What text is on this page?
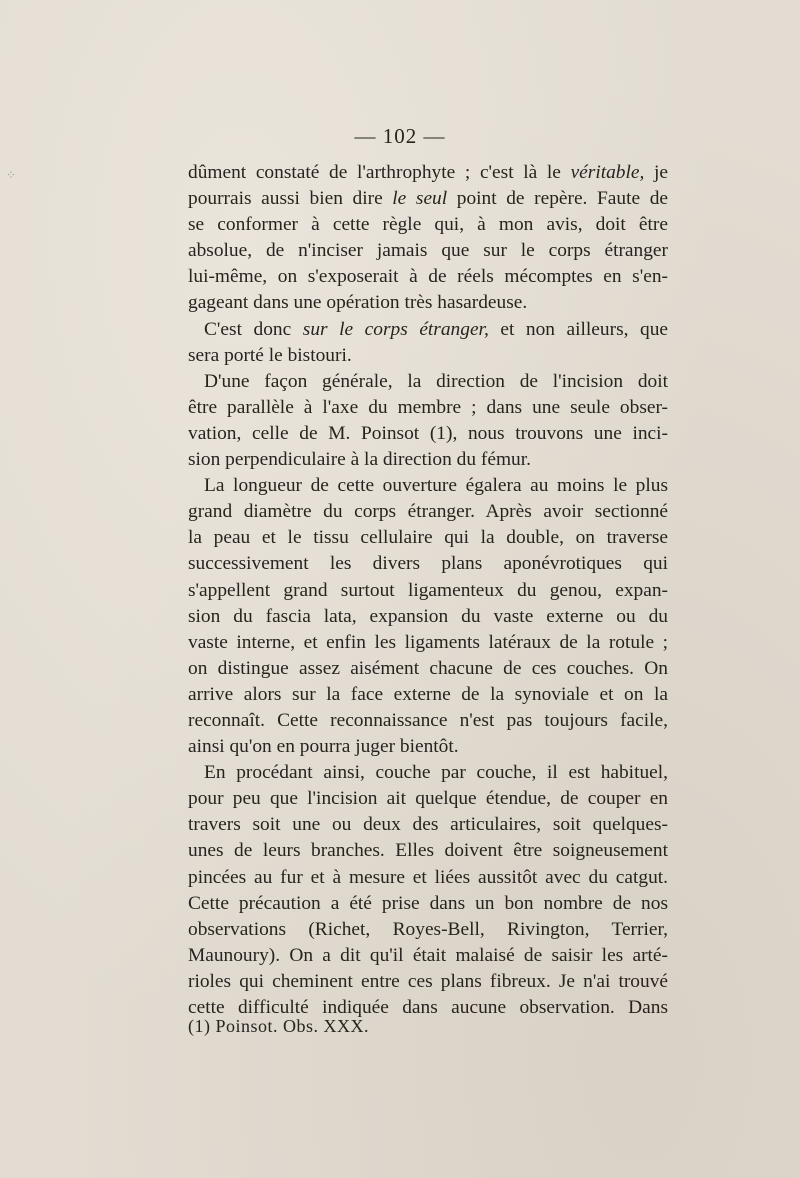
⁘
— 102 —
dûment constaté de l'arthrophyte ; c'est là le véritable, je
pourrais aussi bien dire le seul point de repère. Faute de
se conformer à cette règle qui, à mon avis, doit être
absolue, de n'inciser jamais que sur le corps étranger
lui-même, on s'exposerait à de réels mécomptes en s'en-
gageant dans une opération très hasardeuse.
C'est donc sur le corps étranger, et non ailleurs, que
sera porté le bistouri.
D'une façon générale, la direction de l'incision doit
être parallèle à l'axe du membre ; dans une seule obser-
vation, celle de M. Poinsot (1), nous trouvons une inci-
sion perpendiculaire à la direction du fémur.
La longueur de cette ouverture égalera au moins le plus
grand diamètre du corps étranger. Après avoir sectionné
la peau et le tissu cellulaire qui la double, on traverse
successivement les divers plans aponévrotiques qui
s'appellent grand surtout ligamenteux du genou, expan-
sion du fascia lata, expansion du vaste externe ou du
vaste interne, et enfin les ligaments latéraux de la rotule ;
on distingue assez aisément chacune de ces couches. On
arrive alors sur la face externe de la synoviale et on la
reconnaît. Cette reconnaissance n'est pas toujours facile,
ainsi qu'on en pourra juger bientôt.
En procédant ainsi, couche par couche, il est habituel,
pour peu que l'incision ait quelque étendue, de couper en
travers soit une ou deux des articulaires, soit quelques-
unes de leurs branches. Elles doivent être soigneusement
pincées au fur et à mesure et liées aussitôt avec du catgut.
Cette précaution a été prise dans un bon nombre de nos
observations (Richet, Royes-Bell, Rivington, Terrier,
Maunoury). On a dit qu'il était malaisé de saisir les arté-
rioles qui cheminent entre ces plans fibreux. Je n'ai trouvé
cette difficulté indiquée dans aucune observation. Dans
(1) Poinsot. Obs. XXX.
